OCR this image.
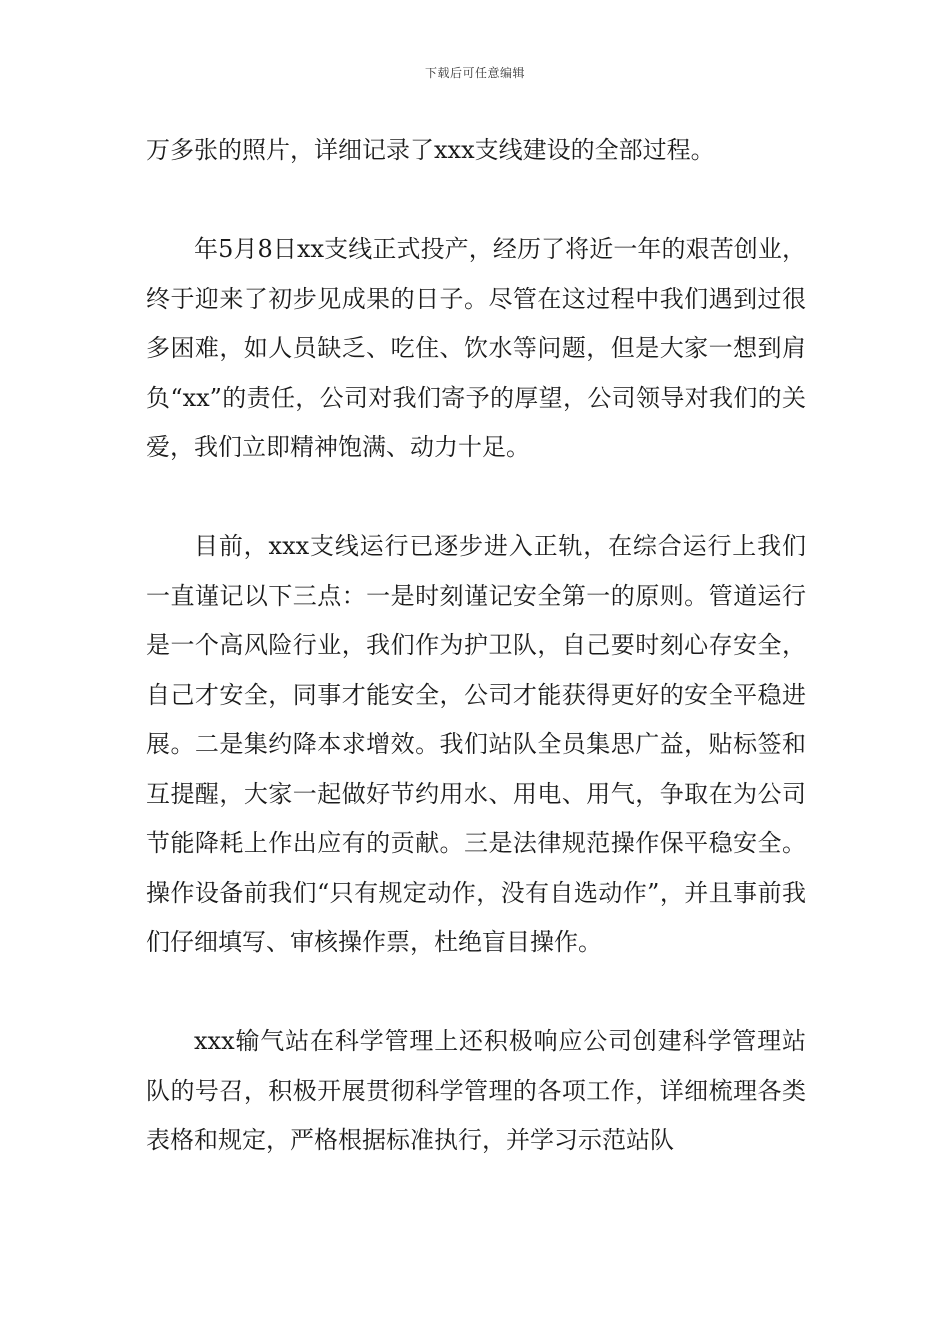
下载后可任意编辑

万多张的照片，详细记录了xxx支线建设的全部过程。

年5月8日xx支线正式投产，经历了将近一年的艰苦创业，终于迎来了初步见成果的日子。尽管在这过程中我们遇到过很多困难，如人员缺乏、吃住、饮水等问题，但是大家一想到肩负“xx”的责任，公司对我们寄予的厚望，公司领导对我们的关爱，我们立即精神饱满、动力十足。

目前，xxx支线运行已逐步进入正轨，在综合运行上我们一直谨记以下三点：一是时刻谨记安全第一的原则。管道运行是一个高风险行业，我们作为护卫队，自己要时刻心存安全，自己才安全，同事才能安全，公司才能获得更好的安全平稳进展。二是集约降本求增效。我们站队全员集思广益，贴标签和互提醒，大家一起做好节约用水、用电、用气，争取在为公司节能降耗上作出应有的贡献。三是法律规范操作保平稳安全。操作设备前我们“只有规定动作，没有自选动作”，并且事前我们仔细填写、审核操作票，杜绝盲目操作。

xxx输气站在科学管理上还积极响应公司创建科学管理站队的号召，积极开展贯彻科学管理的各项工作，详细梳理各类表格和规定，严格根据标准执行，并学习示范站队
